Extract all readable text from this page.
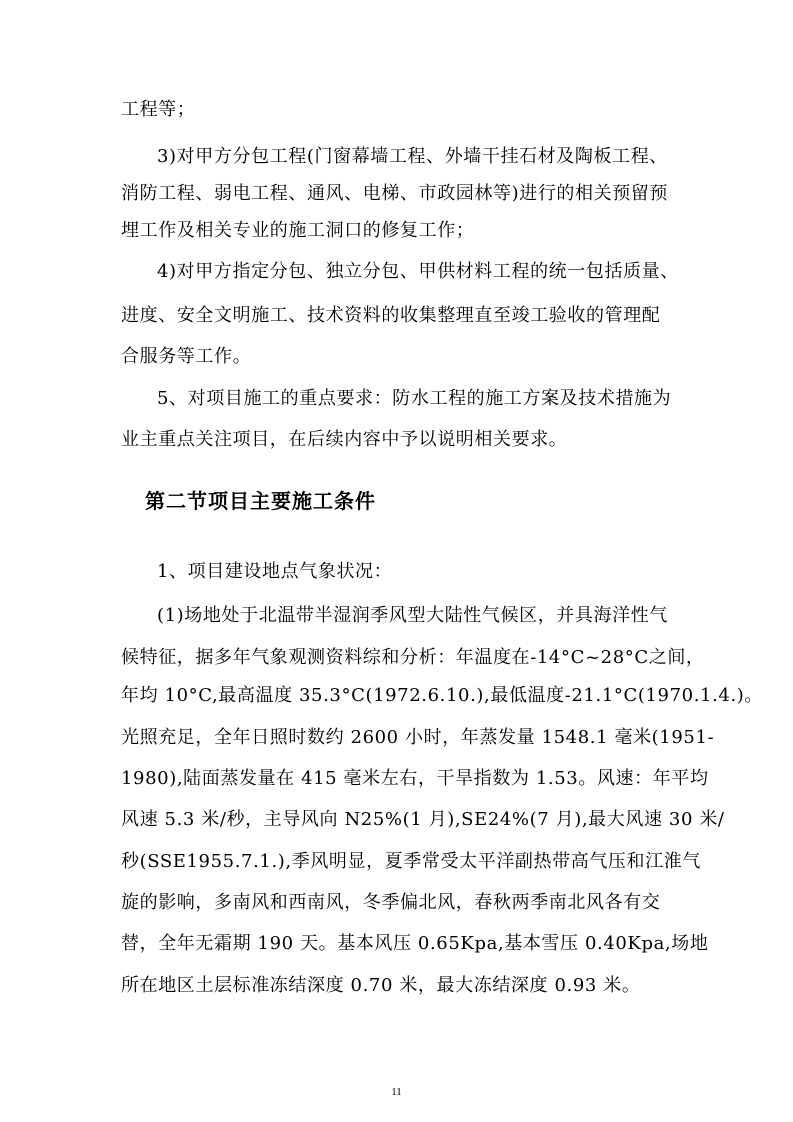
工程等；
3)对甲方分包工程(门窗幕墙工程、外墙干挂石材及陶板工程、
消防工程、弱电工程、通风、电梯、市政园林等)进行的相关预留预
埋工作及相关专业的施工洞口的修复工作；
4)对甲方指定分包、独立分包、甲供材料工程的统一包括质量、
进度、安全文明施工、技术资料的收集整理直至竣工验收的管理配
合服务等工作。
5、对项目施工的重点要求：防水工程的施工方案及技术措施为
业主重点关注项目，在后续内容中予以说明相关要求。
第二节项目主要施工条件
1、项目建设地点气象状况：
(1)场地处于北温带半湿润季风型大陆性气候区，并具海洋性气
候特征，据多年气象观测资料综和分析：年温度在-14°C~28°C之间，
年均 10°C,最高温度 35.3°C(1972.6.10.),最低温度-21.1°C(1970.1.4.)。
光照充足，全年日照时数约 2600 小时，年蒸发量 1548.1 毫米(1951-
1980),陆面蒸发量在 415 毫米左右，干旱指数为 1.53。风速：年平均
风速 5.3 米/秒，主导风向 N25%(1 月),SE24%(7 月),最大风速 30 米/
秒(SSE1955.7.1.),季风明显，夏季常受太平洋副热带高气压和江淮气
旋的影响，多南风和西南风，冬季偏北风，春秋两季南北风各有交
替，全年无霜期 190 天。基本风压 0.65Kpa,基本雪压 0.40Kpa,场地
所在地区土层标准冻结深度 0.70 米，最大冻结深度 0.93 米。
11
